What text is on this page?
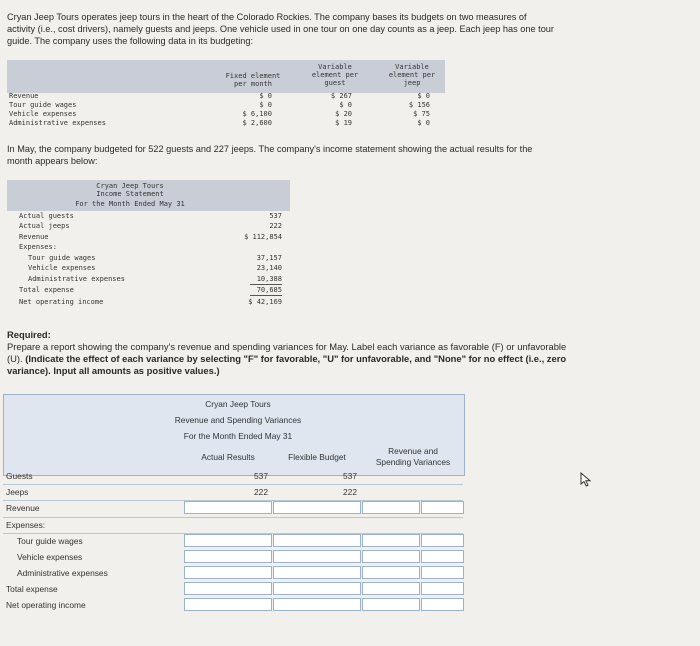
Cryan Jeep Tours operates jeep tours in the heart of the Colorado Rockies. The company bases its budgets on two measures of
activity (i.e., cost drivers), namely guests and jeeps. One vehicle used in one tour on one day counts as a jeep. Each jeep has one tour
guide. The company uses the following data in its budgeting:
Fixed element
per month
Variable
element per
guest
Variable
element per
jeep
Revenue	$ 0	$ 267	$ 0
Tour guide wages	$ 0	$ 0	$ 156
Vehicle expenses	$ 6,100	$ 20	$ 75
Administrative expenses	$ 2,600	$ 19	$ 0
In May, the company budgeted for 522 guests and 227 jeeps. The company's income statement showing the actual results for the
month appears below:
Cryan Jeep Tours
Income Statement
For the Month Ended May 31
Actual guests	537
Actual jeeps	222
Revenue	$ 112,854
Expenses:
Tour guide wages	37,157
Vehicle expenses	23,140
Administrative expenses	10,388
Total expense	70,685
Net operating income	$ 42,169
Required:
Prepare a report showing the company's revenue and spending variances for May. Label each variance as favorable (F) or unfavorable
(U). (Indicate the effect of each variance by selecting "F" for favorable, "U" for unfavorable, and "None" for no effect (i.e., zero
variance). Input all amounts as positive values.)
Cryan Jeep Tours
Revenue and Spending Variances
For the Month Ended May 31
Actual Results	Flexible Budget
Revenue and
Spending Variances
Guests	537	537
Jeeps	222	222
Revenue
Expenses:
Tour guide wages
Vehicle expenses
Administrative expenses
Total expense
Net operating income
